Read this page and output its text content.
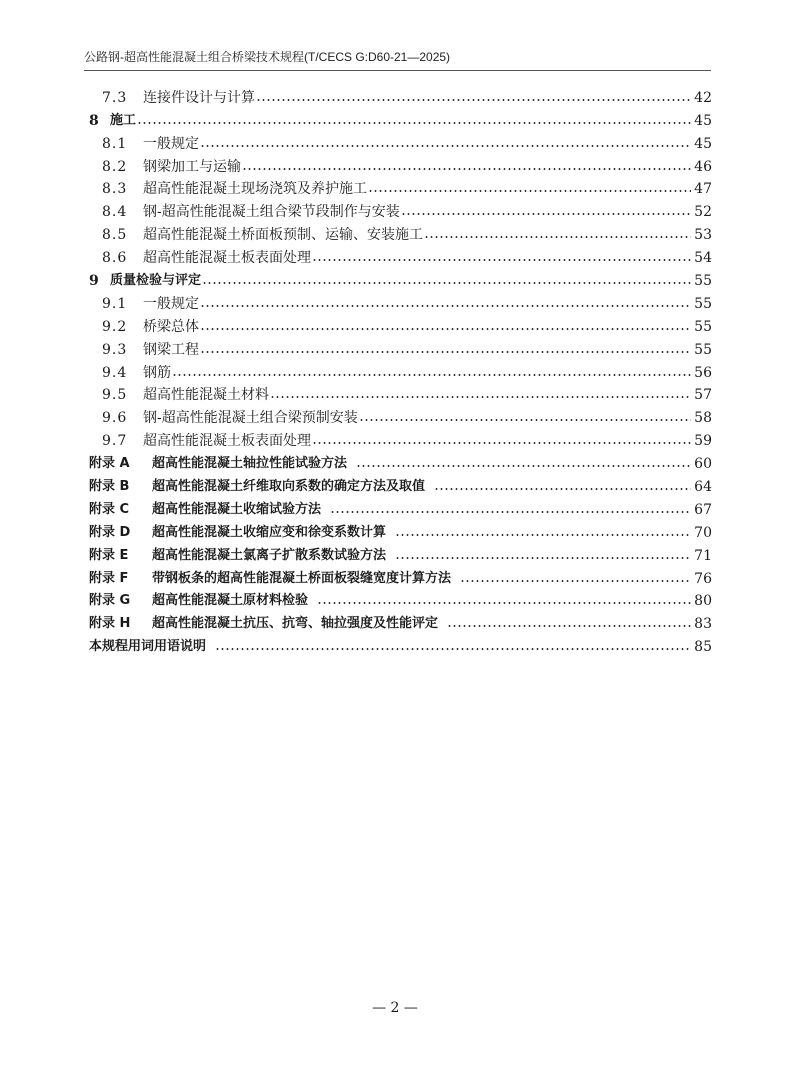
公路钢-超高性能混凝土组合桥梁技术规程(T/CECS G:D60-21—2025)
7.3	连接件设计与计算	42
8 施工	45
8.1	一般规定	45
8.2	钢梁加工与运输	46
8.3	超高性能混凝土现场浇筑及养护施工	47
8.4	钢-超高性能混凝土组合梁节段制作与安装	52
8.5	超高性能混凝土桥面板预制、运输、安装施工	53
8.6	超高性能混凝土板表面处理	54
9 质量检验与评定	55
9.1	一般规定	55
9.2	桥梁总体	55
9.3	钢梁工程	55
9.4	钢筋	56
9.5	超高性能混凝土材料	57
9.6	钢-超高性能混凝土组合梁预制安装	58
9.7	超高性能混凝土板表面处理	59
附录 A	超高性能混凝土轴拉性能试验方法	60
附录 B	超高性能混凝土纤维取向系数的确定方法及取值	64
附录 C	超高性能混凝土收缩试验方法	67
附录 D	超高性能混凝土收缩应变和徐变系数计算	70
附录 E	超高性能混凝土氯离子扩散系数试验方法	71
附录 F	带钢板条的超高性能混凝土桥面板裂缝宽度计算方法	76
附录 G	超高性能混凝土原材料检验	80
附录 H	超高性能混凝土抗压、抗弯、轴拉强度及性能评定	83
本规程用词用语说明	85
— 2 —
